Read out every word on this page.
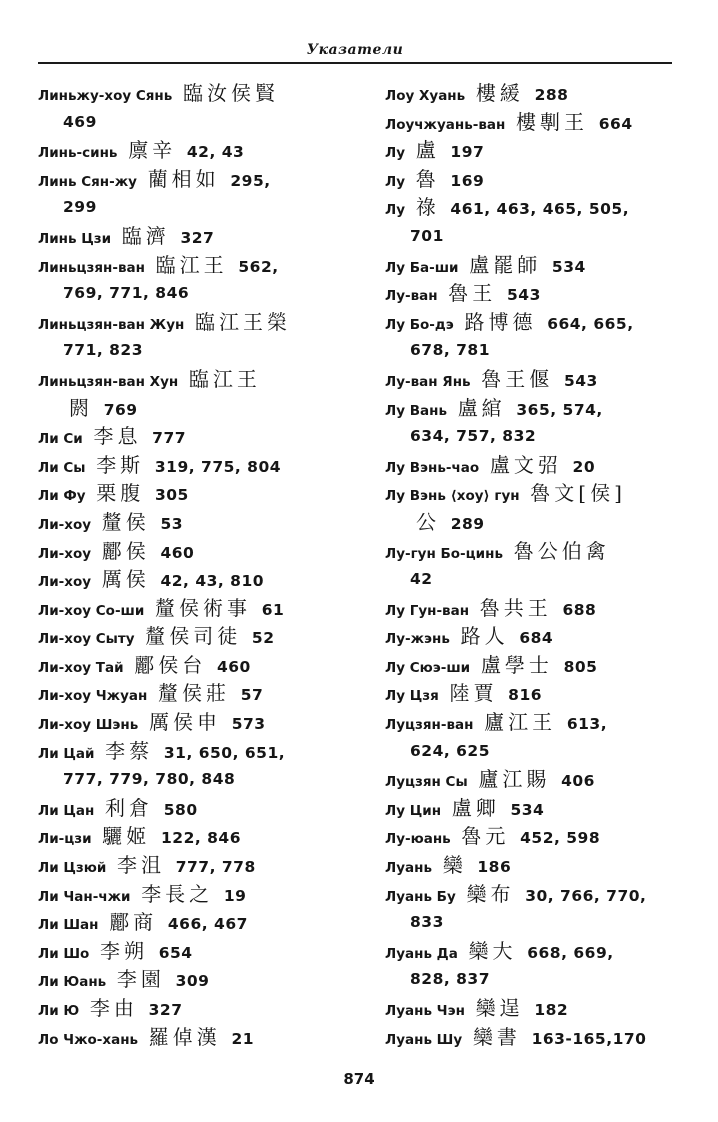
Указатели
Линьжу-хоу Сянь 臨汝侯賢
469
Линь-синь 廪辛 42, 43
Линь Сян-жу 藺相如 295,
299
Линь Цзи 臨濟 327
Линьцзян-ван 臨江王 562,
769, 771, 846
Линьцзян-ван Жун 臨江王榮
771, 823
Линьцзян-ван Хун 臨江王
閼 769
Ли Си 李息 777
Ли Сы 李斯 319, 775, 804
Ли Фу 栗腹 305
Ли-хоу 釐侯 53
Ли-хоу 酈侯 460
Ли-хоу 厲侯 42, 43, 810
Ли-хоу Со-ши 釐侯術事 61
Ли-хоу Сыту 釐侯司徒 52
Ли-хоу Тай 酈侯台 460
Ли-хоу Чжуан 釐侯莊 57
Ли-хоу Шэнь 厲侯申 573
Ли Цай 李蔡 31, 650, 651,
777, 779, 780, 848
Ли Цан 利倉 580
Ли-цзи 驪姬 122, 846
Ли Цзюй 李沮 777, 778
Ли Чан-чжи 李長之 19
Ли Шан 酈商 466, 467
Ли Шо 李朔 654
Ли Юань 李園 309
Ли Ю 李由 327
Ло Чжо-хань 羅倬漢 21
Лоу Хуань 樓緩 288
Лоучжуань-ван 樓剸王 664
Лу 盧 197
Лу 魯 169
Лу 祿 461, 463, 465, 505,
701
Лу Ба-ши 盧罷師 534
Лу-ван 魯王 543
Лу Бо-дэ 路博德 664, 665,
678, 781
Лу-ван Янь 魯王偃 543
Лу Вань 盧綰 365, 574,
634, 757, 832
Лу Вэнь-чао 盧文弨 20
Лу Вэнь ⟨хоу⟩ гун 魯文[侯]
公 289
Лу-гун Бо-цинь 魯公伯禽
42
Лу Гун-ван 魯共王 688
Лу-жэнь 路人 684
Лу Сюэ-ши 盧學士 805
Лу Цзя 陸賈 816
Луцзян-ван 廬江王 613,
624, 625
Луцзян Сы 廬江賜 406
Лу Цин 盧卿 534
Лу-юань 魯元 452, 598
Луань 欒 186
Луань Бу 欒布 30, 766, 770,
833
Луань Да 欒大 668, 669,
828, 837
Луань Чэн 欒逞 182
Луань Шу 欒書 163-165,170
874
